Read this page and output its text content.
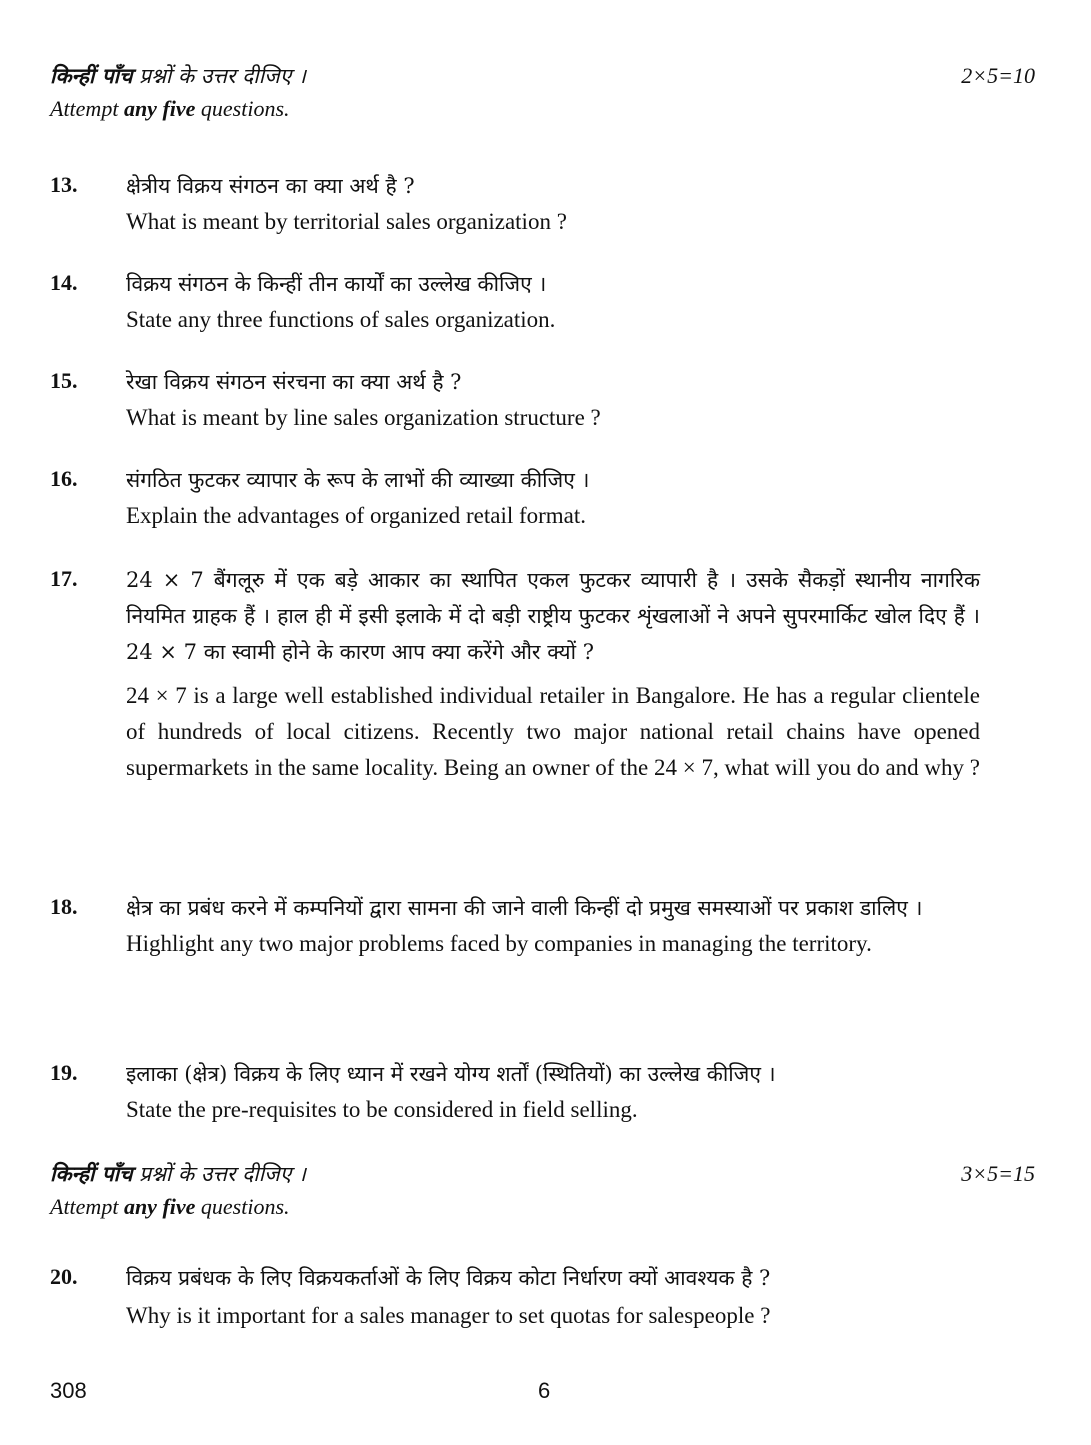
किन्हीं पाँच प्रश्नों के उत्तर दीजिए ।	2×5=10
Attempt any five questions.
13.	क्षेत्रीय विक्रय संगठन का क्या अर्थ है ?
What is meant by territorial sales organization ?
14.	विक्रय संगठन के किन्हीं तीन कार्यों का उल्लेख कीजिए ।
State any three functions of sales organization.
15.	रेखा विक्रय संगठन संरचना का क्या अर्थ है ?
What is meant by line sales organization structure ?
16.	संगठित फुटकर व्यापार के रूप के लाभों की व्याख्या कीजिए ।
Explain the advantages of organized retail format.
17.	24 × 7 बैंगलूरु में एक बड़े आकार का स्थापित एकल फुटकर व्यापारी है । उसके सैकड़ों स्थानीय नागरिक नियमित ग्राहक हैं । हाल ही में इसी इलाके में दो बड़ी राष्ट्रीय फुटकर शृंखलाओं ने अपने सुपरमार्किट खोल दिए हैं । 24 × 7 का स्वामी होने के कारण आप क्या करेंगे और क्यों ?
24 × 7 is a large well established individual retailer in Bangalore. He has a regular clientele of hundreds of local citizens. Recently two major national retail chains have opened supermarkets in the same locality. Being an owner of the 24 × 7, what will you do and why ?
18.	क्षेत्र का प्रबंध करने में कम्पनियों द्वारा सामना की जाने वाली किन्हीं दो प्रमुख समस्याओं पर प्रकाश डालिए ।
Highlight any two major problems faced by companies in managing the territory.
19.	इलाका (क्षेत्र) विक्रय के लिए ध्यान में रखने योग्य शर्तों (स्थितियों) का उल्लेख कीजिए ।
State the pre-requisites to be considered in field selling.
किन्हीं पाँच प्रश्नों के उत्तर दीजिए ।	3×5=15
Attempt any five questions.
20.	विक्रय प्रबंधक के लिए विक्रयकर्ताओं के लिए विक्रय कोटा निर्धारण क्यों आवश्यक है ?
Why is it important for a sales manager to set quotas for salespeople ?
308	6
